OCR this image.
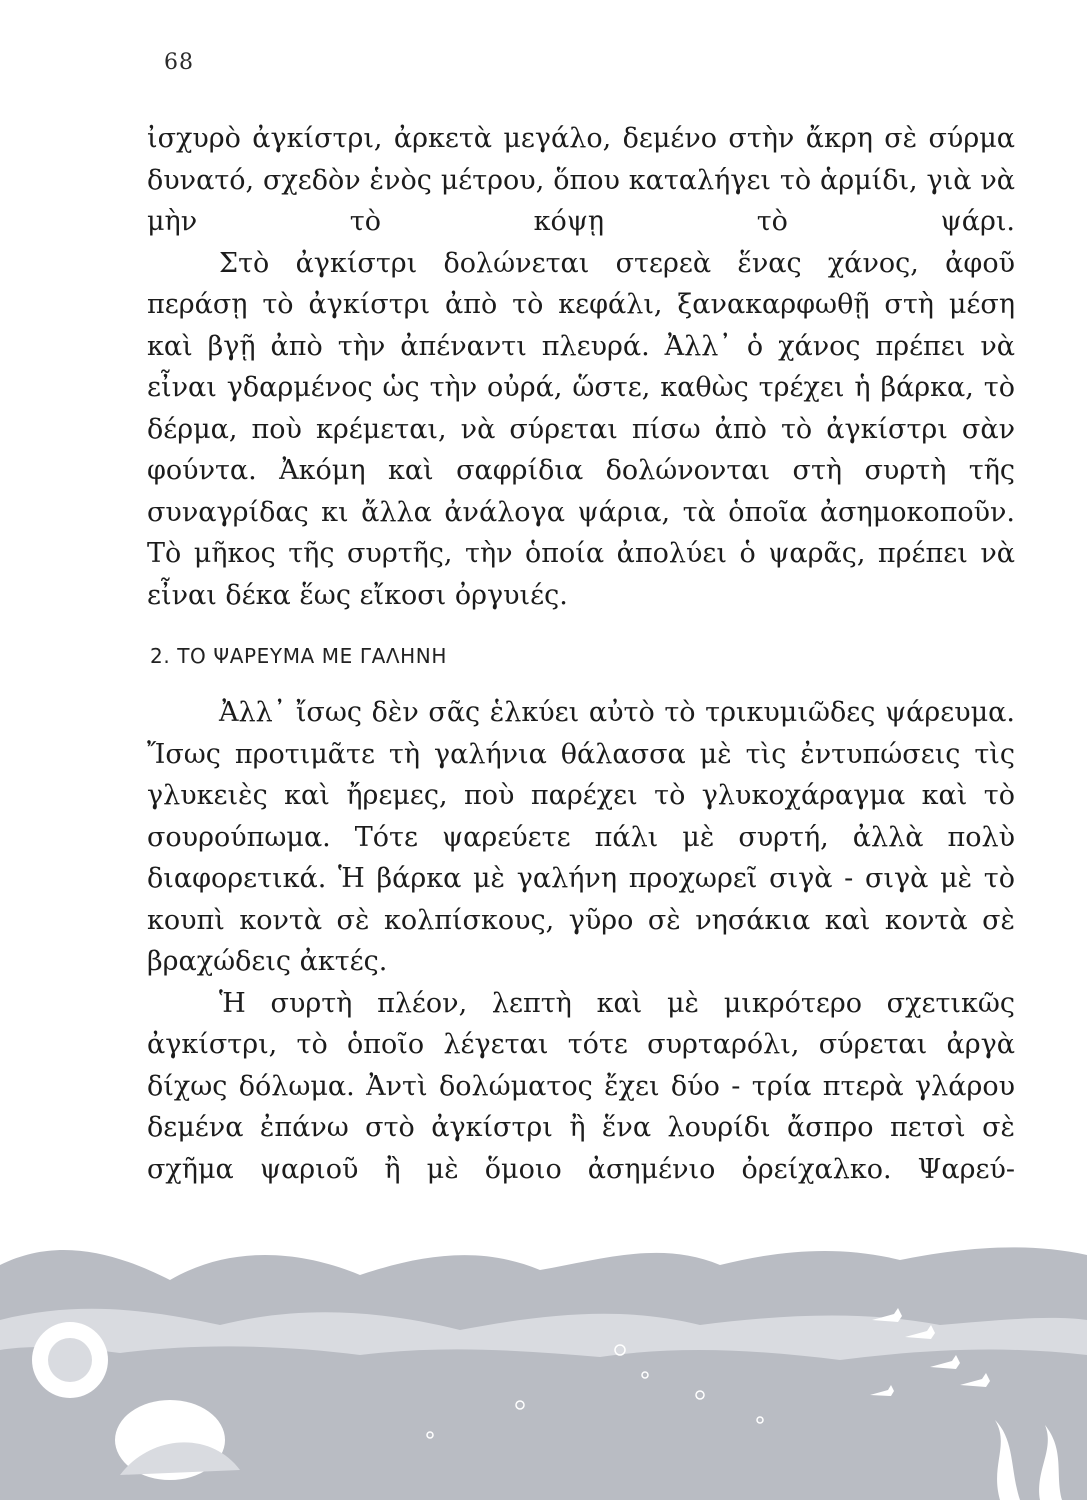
68

ἰσχυρὸ ἀγκίστρι, ἀρκετὰ μεγάλο, δεμένο στὴν ἄκρη σὲ σύρμα δυνατό, σχεδὸν ἑνὸς μέτρου, ὅπου καταλήγει τὸ ἁρμίδι, γιὰ νὰ μὴν τὸ κόψῃ τὸ ψάρι.

Στὸ ἀγκίστρι δολώνεται στερεὰ ἕνας χάνος, ἀφοῦ περάσῃ τὸ ἀγκίστρι ἀπὸ τὸ κεφάλι, ξανακαρφωθῇ στὴ μέση καὶ βγῇ ἀπὸ τὴν ἀπέναντι πλευρά. Ἀλλ᾽ ὁ χάνος πρέπει νὰ εἶναι γδαρμένος ὡς τὴν οὐρά, ὥστε, καθὼς τρέχει ἡ βάρκα, τὸ δέρμα, ποὺ κρέμεται, νὰ σύρεται πίσω ἀπὸ τὸ ἀγκίστρι σὰν φούντα. Ἀκόμη καὶ σαφρίδια δολώνονται στὴ συρτὴ τῆς συναγρίδας κι ἄλλα ἀνάλογα ψάρια, τὰ ὁποῖα ἀσημοκοποῦν. Τὸ μῆκος τῆς συρτῆς, τὴν ὁποία ἀπολύει ὁ ψαρᾶς, πρέπει νὰ εἶναι δέκα ἕως εἴκοσι ὀργυιές.

2. ΤΟ ΨΑΡΕΥΜΑ ΜΕ ΓΑΛΗΝΗ

Ἀλλ᾽ ἴσως δὲν σᾶς ἑλκύει αὐτὸ τὸ τρικυμιῶδες ψάρευμα. Ἴσως προτιμᾶτε τὴ γαλήνια θάλασσα μὲ τὶς ἐντυπώσεις τὶς γλυκειὲς καὶ ἤρεμες, ποὺ παρέχει τὸ γλυκοχάραγμα καὶ τὸ σουρούπωμα. Τότε ψαρεύετε πάλι μὲ συρτή, ἀλλὰ πολὺ διαφορετικά. Ἡ βάρκα μὲ γαλήνη προχωρεῖ σιγὰ - σιγὰ μὲ τὸ κουπὶ κοντὰ σὲ κολπίσκους, γῦρο σὲ νησάκια καὶ κοντὰ σὲ βραχώδεις ἀκτές.

Ἡ συρτὴ πλέον, λεπτὴ καὶ μὲ μικρότερο σχετικῶς ἀγκίστρι, τὸ ὁποῖο λέγεται τότε συρταρόλι, σύρεται ἀργὰ δίχως δόλωμα. Ἀντὶ δολώματος ἔχει δύο - τρία πτερὰ γλάρου δεμένα ἐπάνω στὸ ἀγκίστρι ἢ ἕνα λουρίδι ἄσπρο πετσὶ σὲ σχῆμα ψαριοῦ ἢ μὲ ὅμοιο ἀσημένιο ὀρείχαλκο. Ψαρεύ-
